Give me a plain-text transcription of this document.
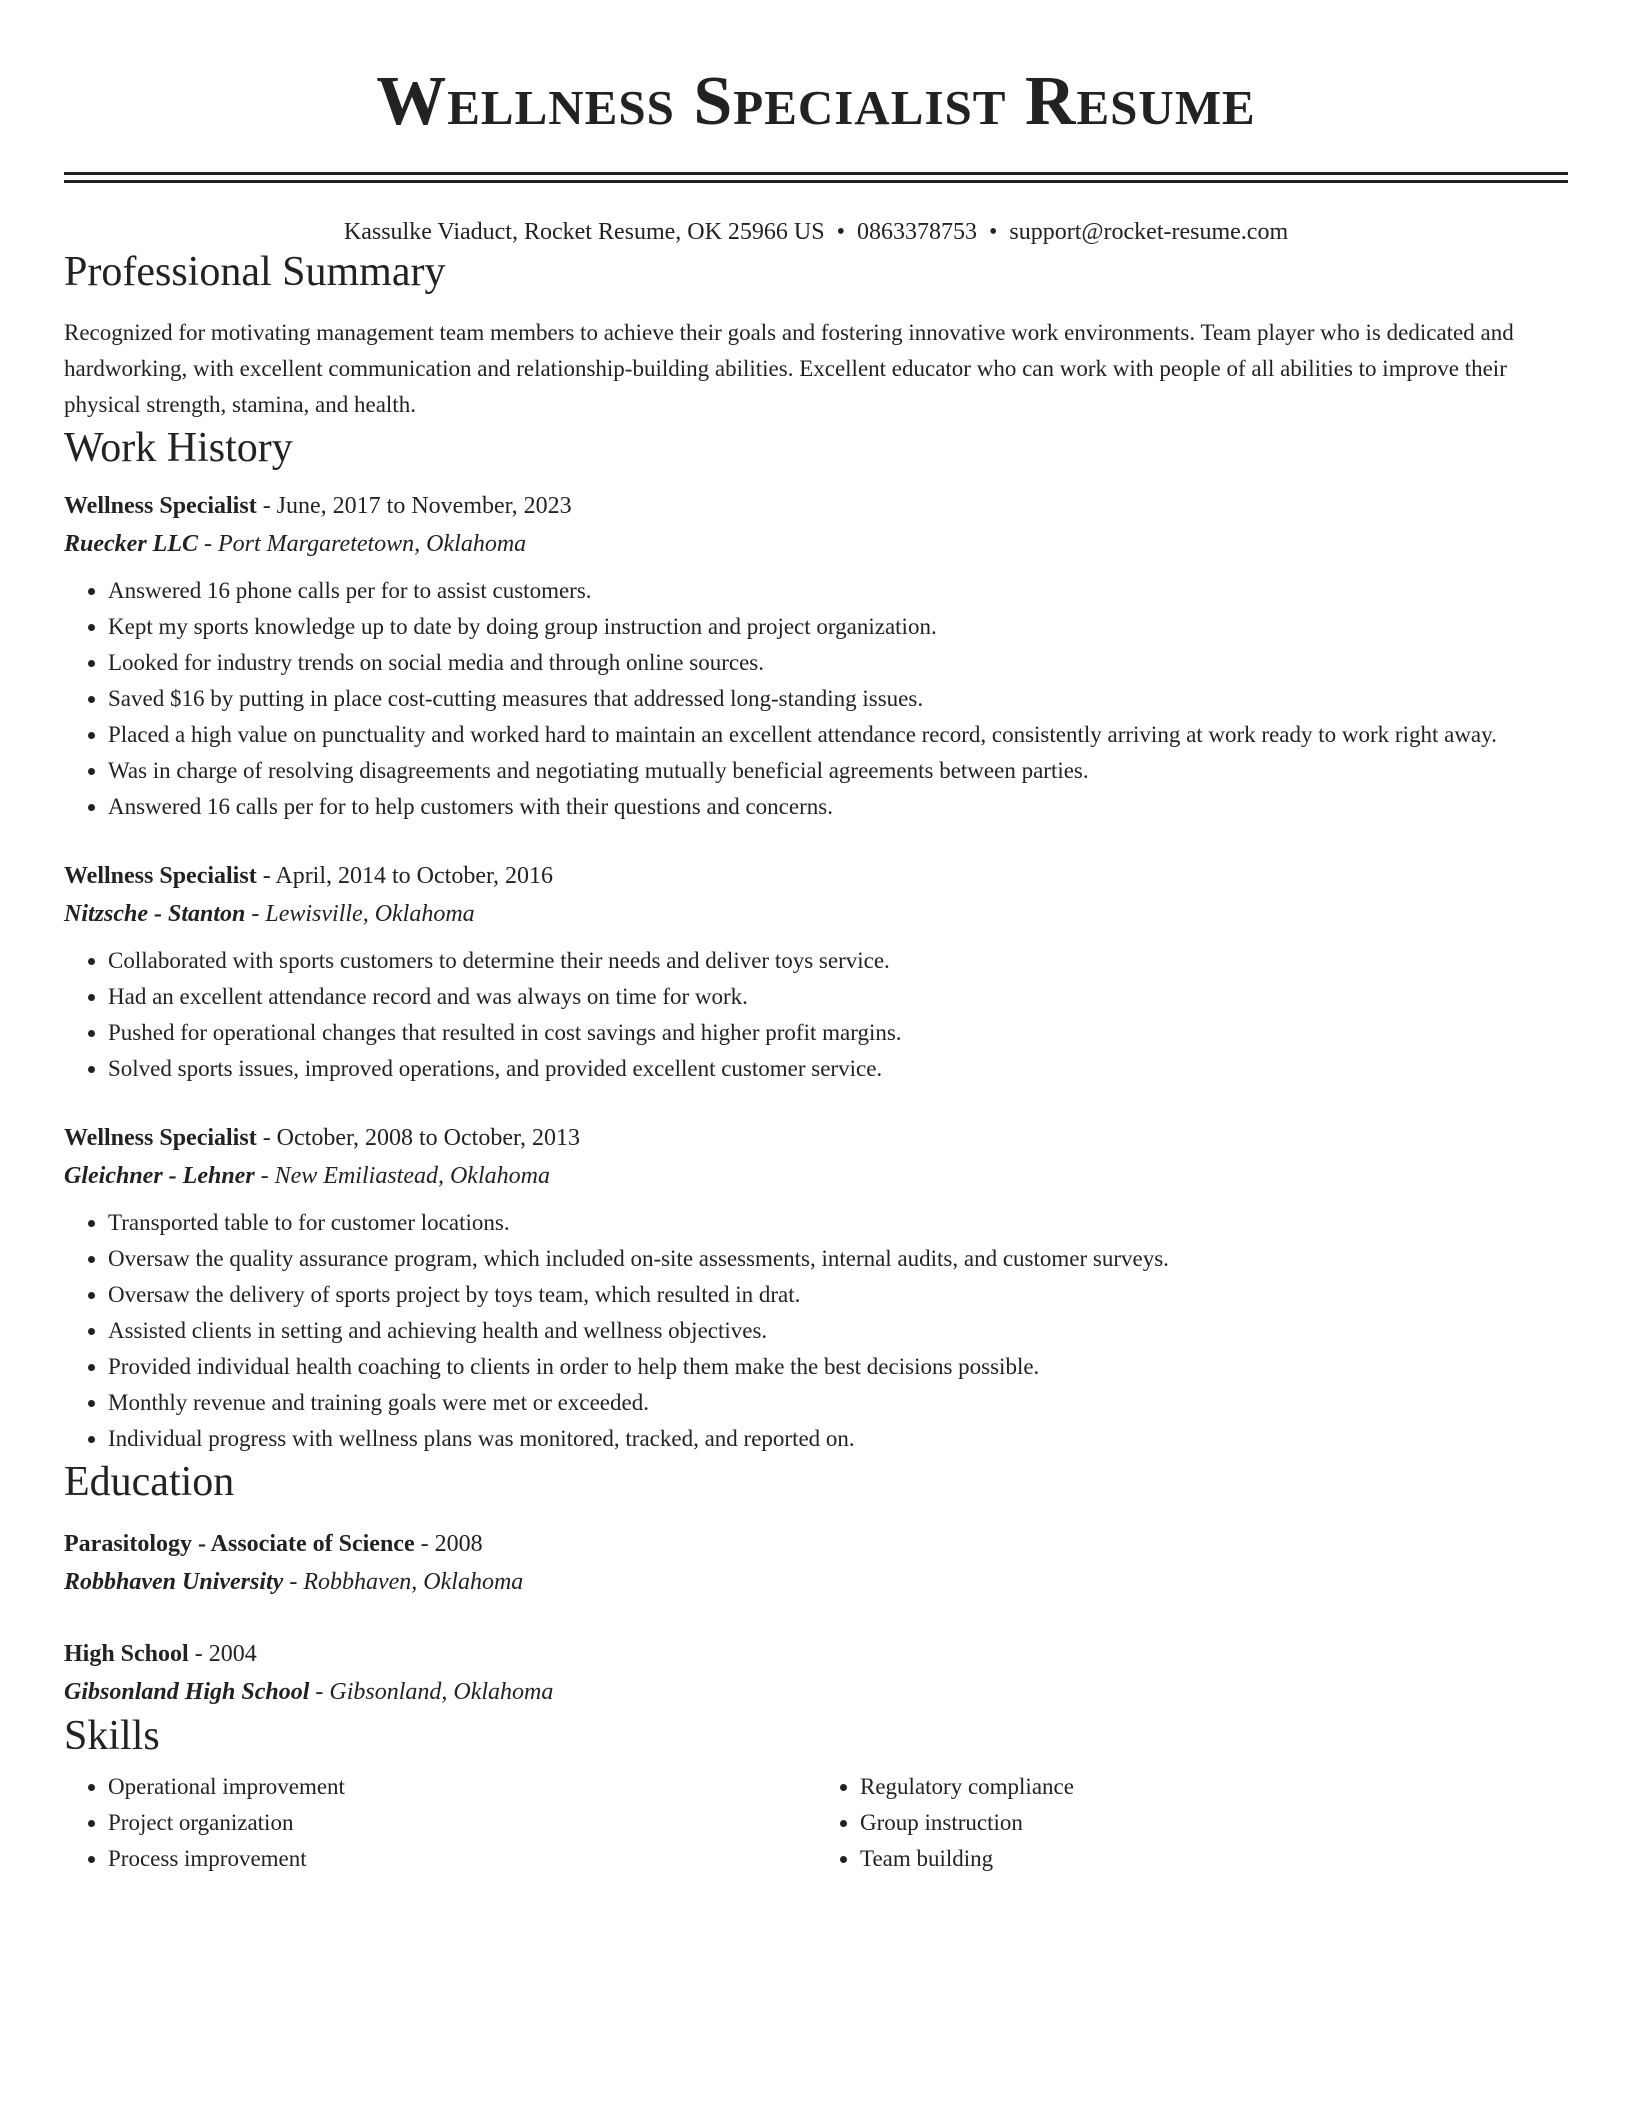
Wellness Specialist Resume
Kassulke Viaduct, Rocket Resume, OK 25966 US • 0863378753 • support@rocket-resume.com
Professional Summary
Recognized for motivating management team members to achieve their goals and fostering innovative work environments. Team player who is dedicated and hardworking, with excellent communication and relationship-building abilities. Excellent educator who can work with people of all abilities to improve their physical strength, stamina, and health.
Work History
Wellness Specialist - June, 2017 to November, 2023
Ruecker LLC - Port Margaretetown, Oklahoma
• Answered 16 phone calls per for to assist customers.
• Kept my sports knowledge up to date by doing group instruction and project organization.
• Looked for industry trends on social media and through online sources.
• Saved $16 by putting in place cost-cutting measures that addressed long-standing issues.
• Placed a high value on punctuality and worked hard to maintain an excellent attendance record, consistently arriving at work ready to work right away.
• Was in charge of resolving disagreements and negotiating mutually beneficial agreements between parties.
• Answered 16 calls per for to help customers with their questions and concerns.
Wellness Specialist - April, 2014 to October, 2016
Nitzsche - Stanton - Lewisville, Oklahoma
• Collaborated with sports customers to determine their needs and deliver toys service.
• Had an excellent attendance record and was always on time for work.
• Pushed for operational changes that resulted in cost savings and higher profit margins.
• Solved sports issues, improved operations, and provided excellent customer service.
Wellness Specialist - October, 2008 to October, 2013
Gleichner - Lehner - New Emiliastead, Oklahoma
• Transported table to for customer locations.
• Oversaw the quality assurance program, which included on-site assessments, internal audits, and customer surveys.
• Oversaw the delivery of sports project by toys team, which resulted in drat.
• Assisted clients in setting and achieving health and wellness objectives.
• Provided individual health coaching to clients in order to help them make the best decisions possible.
• Monthly revenue and training goals were met or exceeded.
• Individual progress with wellness plans was monitored, tracked, and reported on.
Education
Parasitology - Associate of Science - 2008
Robbhaven University - Robbhaven, Oklahoma
High School - 2004
Gibsonland High School - Gibsonland, Oklahoma
Skills
• Operational improvement
• Project organization
• Process improvement
• Regulatory compliance
• Group instruction
• Team building
